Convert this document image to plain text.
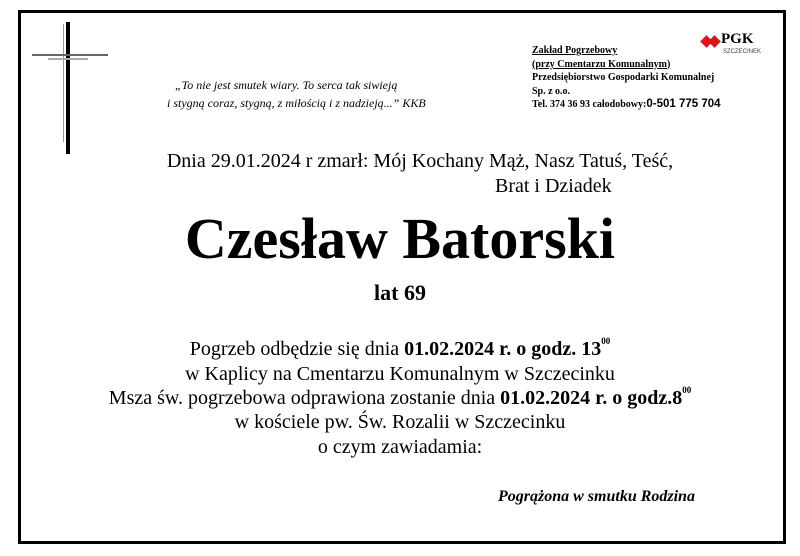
„To nie jest smutek wiary. To serca tak siwieją
i stygną coraz, stygną, z miłością i z nadzieją...” KKB
PGK
SZCZECINEK
Zakład Pogrzebowy
(przy Cmentarzu Komunalnym)
Przedsiębiorstwo Gospodarki Komunalnej
Sp. z o.o.
Tel. 374 36 93 całodobowy:0-501 775 704
Dnia 29.01.2024 r zmarł: Mój Kochany Mąż, Nasz Tatuś, Teść,
Brat i Dziadek
Czesław Batorski
lat 69
Pogrzeb odbędzie się dnia 01.02.2024 r. o godz. $13^{00}$
w Kaplicy na Cmentarzu Komunalnym w Szczecinku
Msza św. pogrzebowa odprawiona zostanie dnia 01.02.2024 r. o $godz.8^{00}$
w kościele pw. Św. Rozalii w Szczecinku
o czym zawiadamia:
Pogrążona w smutku Rodzina
